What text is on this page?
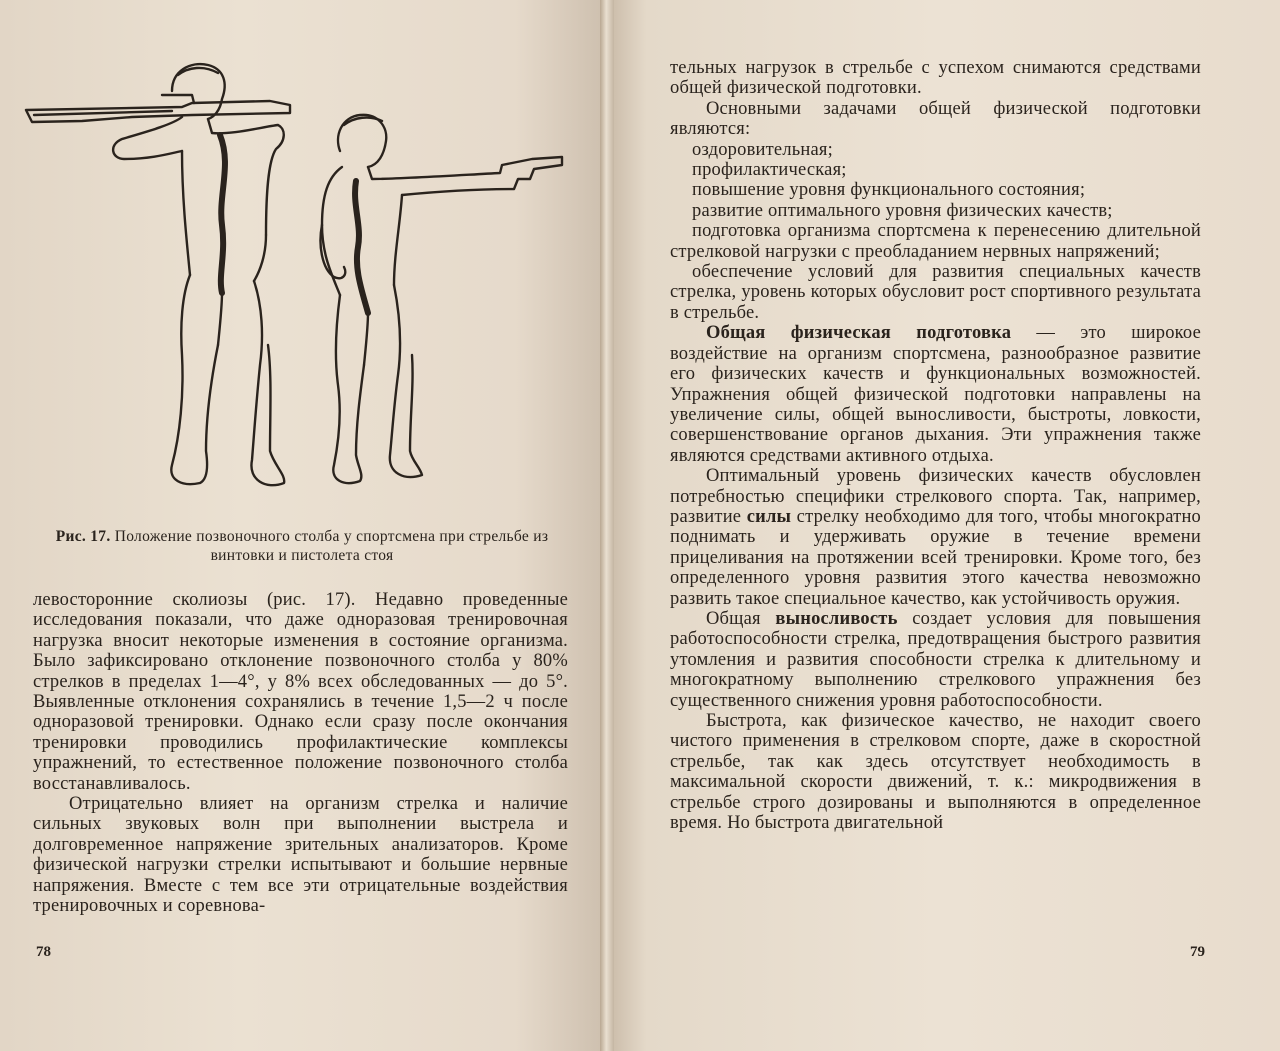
Рис. 17. Положение позвоночного столба у спортсмена при стрельбе из винтовки и пистолета стоя

левосторонние сколиозы (рис. 17). Недавно проведенные исследования показали, что даже одноразовая тренировочная нагрузка вносит некоторые изменения в состояние организма. Было зафиксировано отклонение позвоночного столба у 80% стрелков в пределах 1—4°, у 8% всех обследованных — до 5°. Выявленные отклонения сохранялись в течение 1,5—2 ч после одноразовой тренировки. Однако если сразу после окончания тренировки проводились профилактические комплексы упражнений, то естественное положение позвоночного столба восстанавливалось.

Отрицательно влияет на организм стрелка и наличие сильных звуковых волн при выполнении выстрела и долговременное напряжение зрительных анализаторов. Кроме физической нагрузки стрелки испытывают и большие нервные напряжения. Вместе с тем все эти отрицательные воздействия тренировочных и соревнова-

78

тельных нагрузок в стрельбе с успехом снимаются средствами общей физической подготовки.

Основными задачами общей физической подготовки являются:

оздоровительная;

профилактическая;

повышение уровня функционального состояния;

развитие оптимального уровня физических качеств;

подготовка организма спортсмена к перенесению длительной стрелковой нагрузки с преобладанием нервных напряжений;

обеспечение условий для развития специальных качеств стрелка, уровень которых обусловит рост спортивного результата в стрельбе.

Общая физическая подготовка — это широкое воздействие на организм спортсмена, разнообразное развитие его физических качеств и функциональных возможностей. Упражнения общей физической подготовки направлены на увеличение силы, общей выносливости, быстроты, ловкости, совершенствование органов дыхания. Эти упражнения также являются средствами активного отдыха.

Оптимальный уровень физических качеств обусловлен потребностью специфики стрелкового спорта. Так, например, развитие силы стрелку необходимо для того, чтобы многократно поднимать и удерживать оружие в течение времени прицеливания на протяжении всей тренировки. Кроме того, без определенного уровня развития этого качества невозможно развить такое специальное качество, как устойчивость оружия.

Общая выносливость создает условия для повышения работоспособности стрелка, предотвращения быстрого развития утомления и развития способности стрелка к длительному и многократному выполнению стрелкового упражнения без существенного снижения уровня работоспособности.

Быстрота, как физическое качество, не находит своего чистого применения в стрелковом спорте, даже в скоростной стрельбе, так как здесь отсутствует необходимость в максимальной скорости движений, т. к.: микродвижения в стрельбе строго дозированы и выполняются в определенное время. Но быстрота двигательной

79
